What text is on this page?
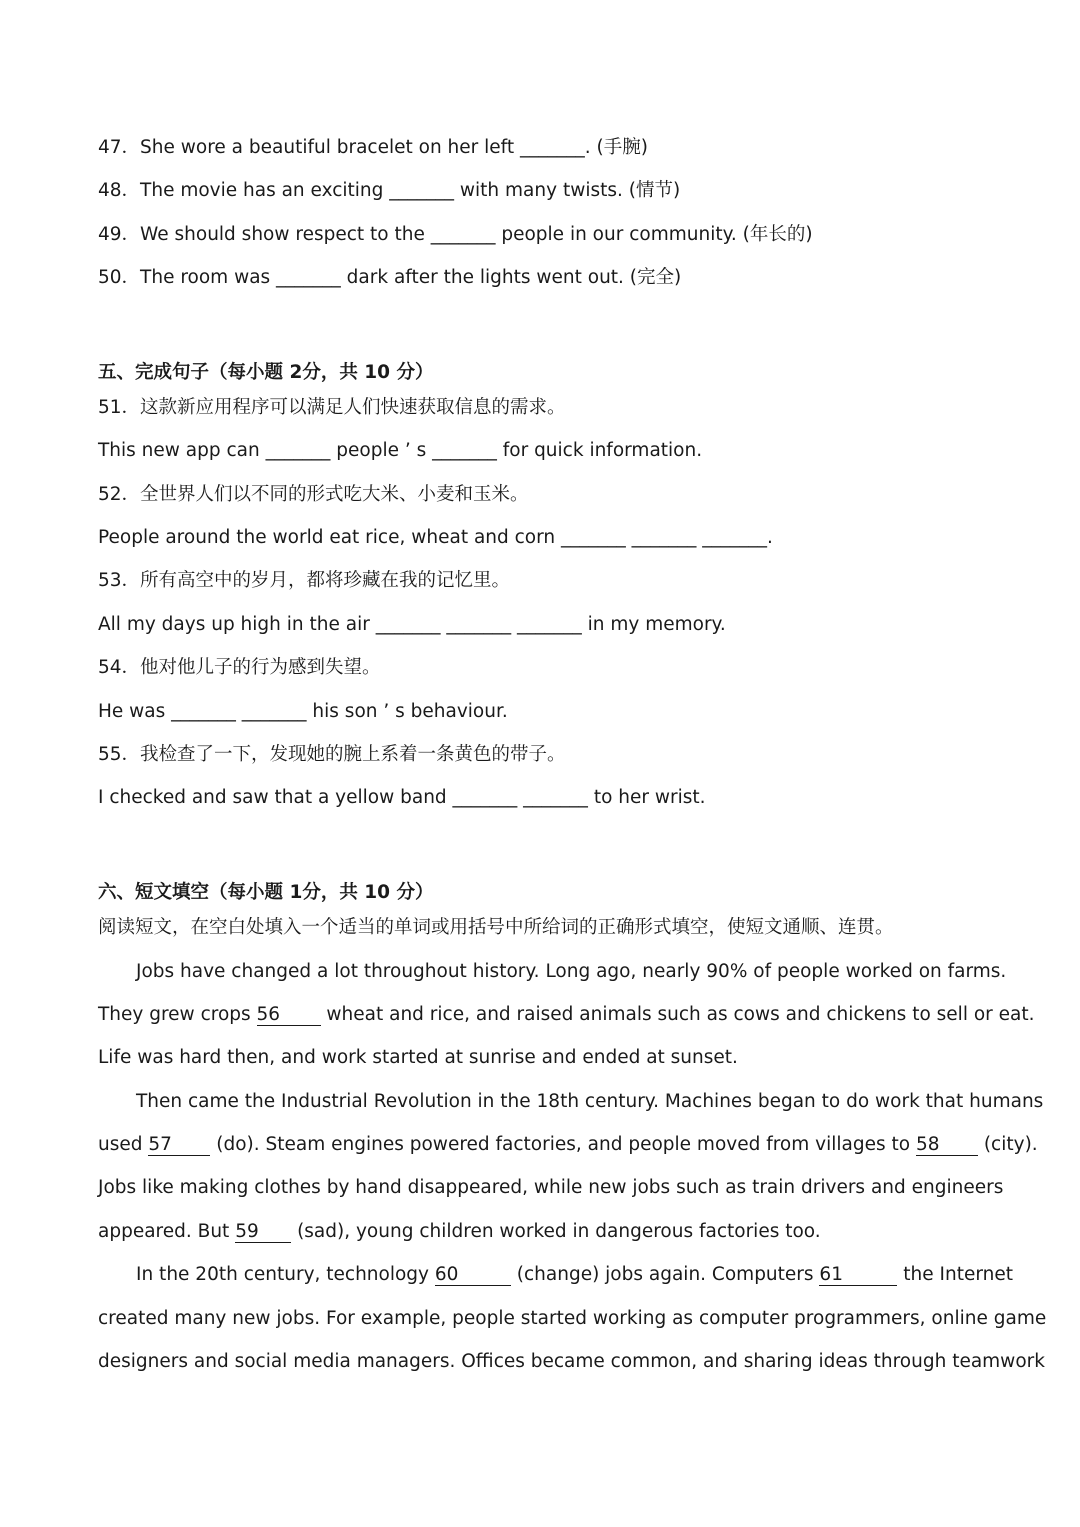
47．She wore a beautiful bracelet on her left _______. (手腕)
48．The movie has an exciting _______ with many twists. (情节)
49．We should show respect to the _______ people in our community. (年长的)
50．The room was _______ dark after the lights went out. (完全)
五、完成句子（每小题 2分，共 10 分）
51．这款新应用程序可以满足人们快速获取信息的需求。
This new app can _______ people ’ s _______ for quick information.
52．全世界人们以不同的形式吃大米、小麦和玉米。
People around the world eat rice, wheat and corn _______ _______ _______.
53．所有高空中的岁月，都将珍藏在我的记忆里。
All my days up high in the air _______ _______ _______ in my memory.
54．他对他儿子的行为感到失望。
He was _______ _______ his son ’ s behaviour.
55．我检查了一下，发现她的腕上系着一条黄色的带子。
I checked and saw that a yellow band _______ _______ to her wrist.
六、短文填空（每小题 1分，共 10 分）
阅读短文，在空白处填入一个适当的单词或用括号中所给词的正确形式填空，使短文通顺、连贯。
Jobs have changed a lot throughout history. Long ago, nearly 90% of people worked on farms.
They grew crops 56 wheat and rice, and raised animals such as cows and chickens to sell or eat.
Life was hard then, and work started at sunrise and ended at sunset.
Then came the Industrial Revolution in the 18th century. Machines began to do work that humans
used 57 (do). Steam engines powered factories, and people moved from villages to 58 (city).
Jobs like making clothes by hand disappeared, while new jobs such as train drivers and engineers
appeared. But 59 (sad), young children worked in dangerous factories too.
In the 20th century, technology 60	(change) jobs again. Computers 61	the Internet
created many new jobs. For example, people started working as computer programmers, online game
designers and social media managers. Offices became common, and sharing ideas through teamwork
